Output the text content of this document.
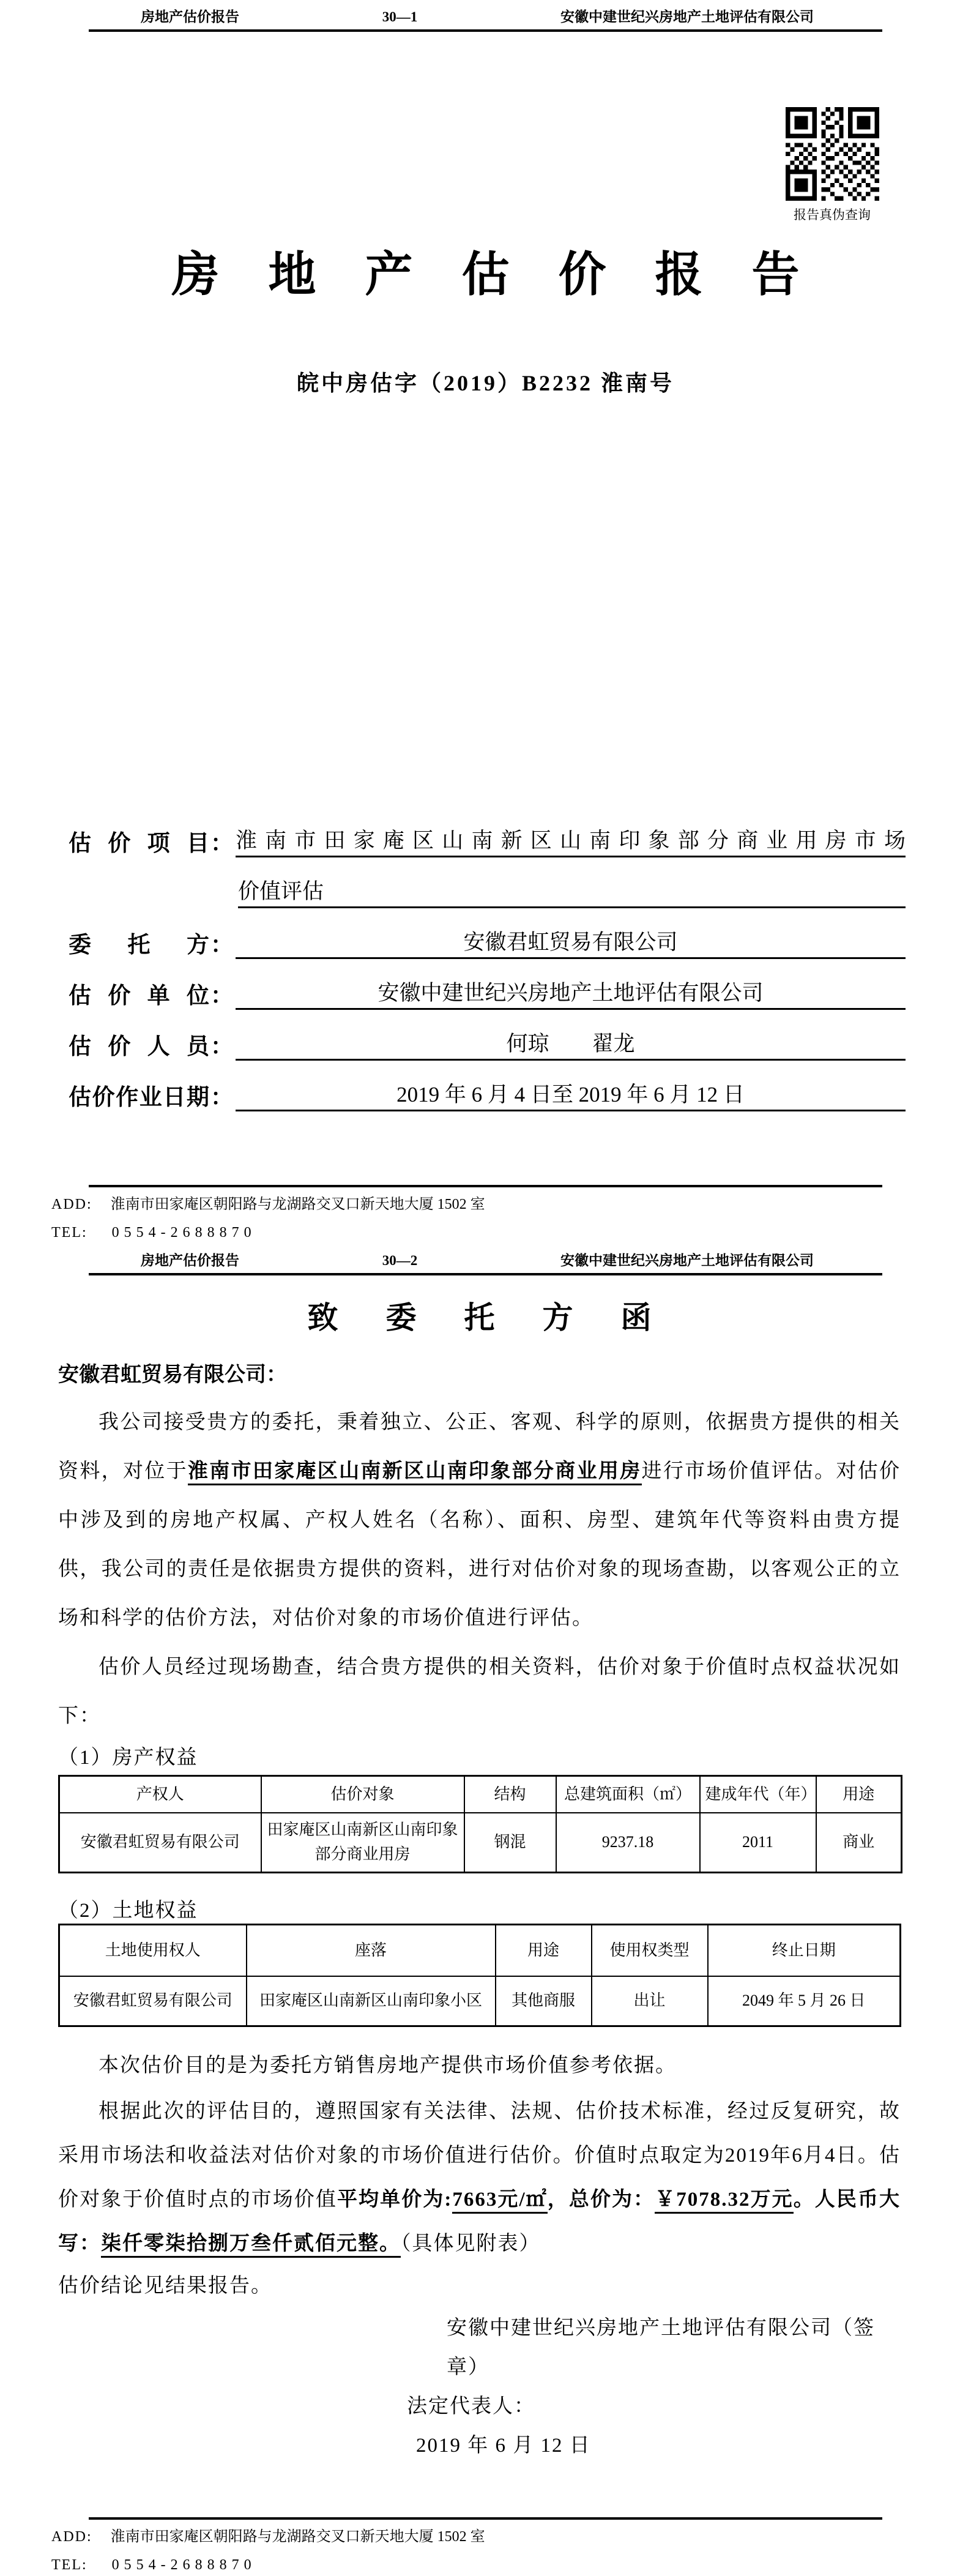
房地产估价报告	30—1	安徽中建世纪兴房地产土地评估有限公司
报告真伪查询
房地产估价报告
皖中房估字（2019）B2232 淮南号
估价项目 ： 淮南市田家庵区山南新区山南印象部分商业用房市场
价值评估
委托方 ：	安徽君虹贸易有限公司
估价单位 ：	安徽中建世纪兴房地产土地评估有限公司
估价人员 ：	何琼　　翟龙
估价作业日期 ：	2019 年 6 月 4 日至 2019 年 6 月 12 日
ADD: 淮南市田家庵区朝阳路与龙湖路交叉口新天地大厦 1502 室
TEL: 0554-2688870
房地产估价报告	30—2	安徽中建世纪兴房地产土地评估有限公司
致委托方函
安徽君虹贸易有限公司：

我公司接受贵方的委托，秉着独立、公正、客观、科学的原则，依据贵方提供的相关资料，对位于淮南市田家庵区山南新区山南印象部分商业用房进行市场价值评估。对估价中涉及到的房地产权属、产权人姓名（名称）、面积、房型、建筑年代等资料由贵方提供，我公司的责任是依据贵方提供的资料，进行对估价对象的现场查勘，以客观公正的立场和科学的估价方法，对估价对象的市场价值进行评估。

估价人员经过现场勘查，结合贵方提供的相关资料，估价对象于价值时点权益状况如下：

（1）房产权益
产权人	估价对象	结构	总建筑面积（㎡）	建成年代（年）	用途
安徽君虹贸易有限公司	田家庵区山南新区山南印象部分商业用房	钢混	9237.18	2011	商业
（2）土地权益
土地使用权人	座落	用途	使用权类型	终止日期
安徽君虹贸易有限公司	田家庵区山南新区山南印象小区	其他商服	出让	2049 年 5 月 26 日

本次估价目的是为委托方销售房地产提供市场价值参考依据。

根据此次的评估目的，遵照国家有关法律、法规、估价技术标准，经过反复研究，故采用市场法和收益法对估价对象的市场价值进行估价。价值时点取定为2019年6月4日。估价对象于价值时点的市场价值平均单价为:7663元/㎡，总价为：￥7078.32万元。人民币大写：柒仟零柒拾捌万叁仟贰佰元整。（具体见附表）

估价结论见结果报告。

安徽中建世纪兴房地产土地评估有限公司（签章）
法定代表人：
2019 年 6 月 12 日
ADD: 淮南市田家庵区朝阳路与龙湖路交叉口新天地大厦 1502 室
TEL: 0554-2688870
